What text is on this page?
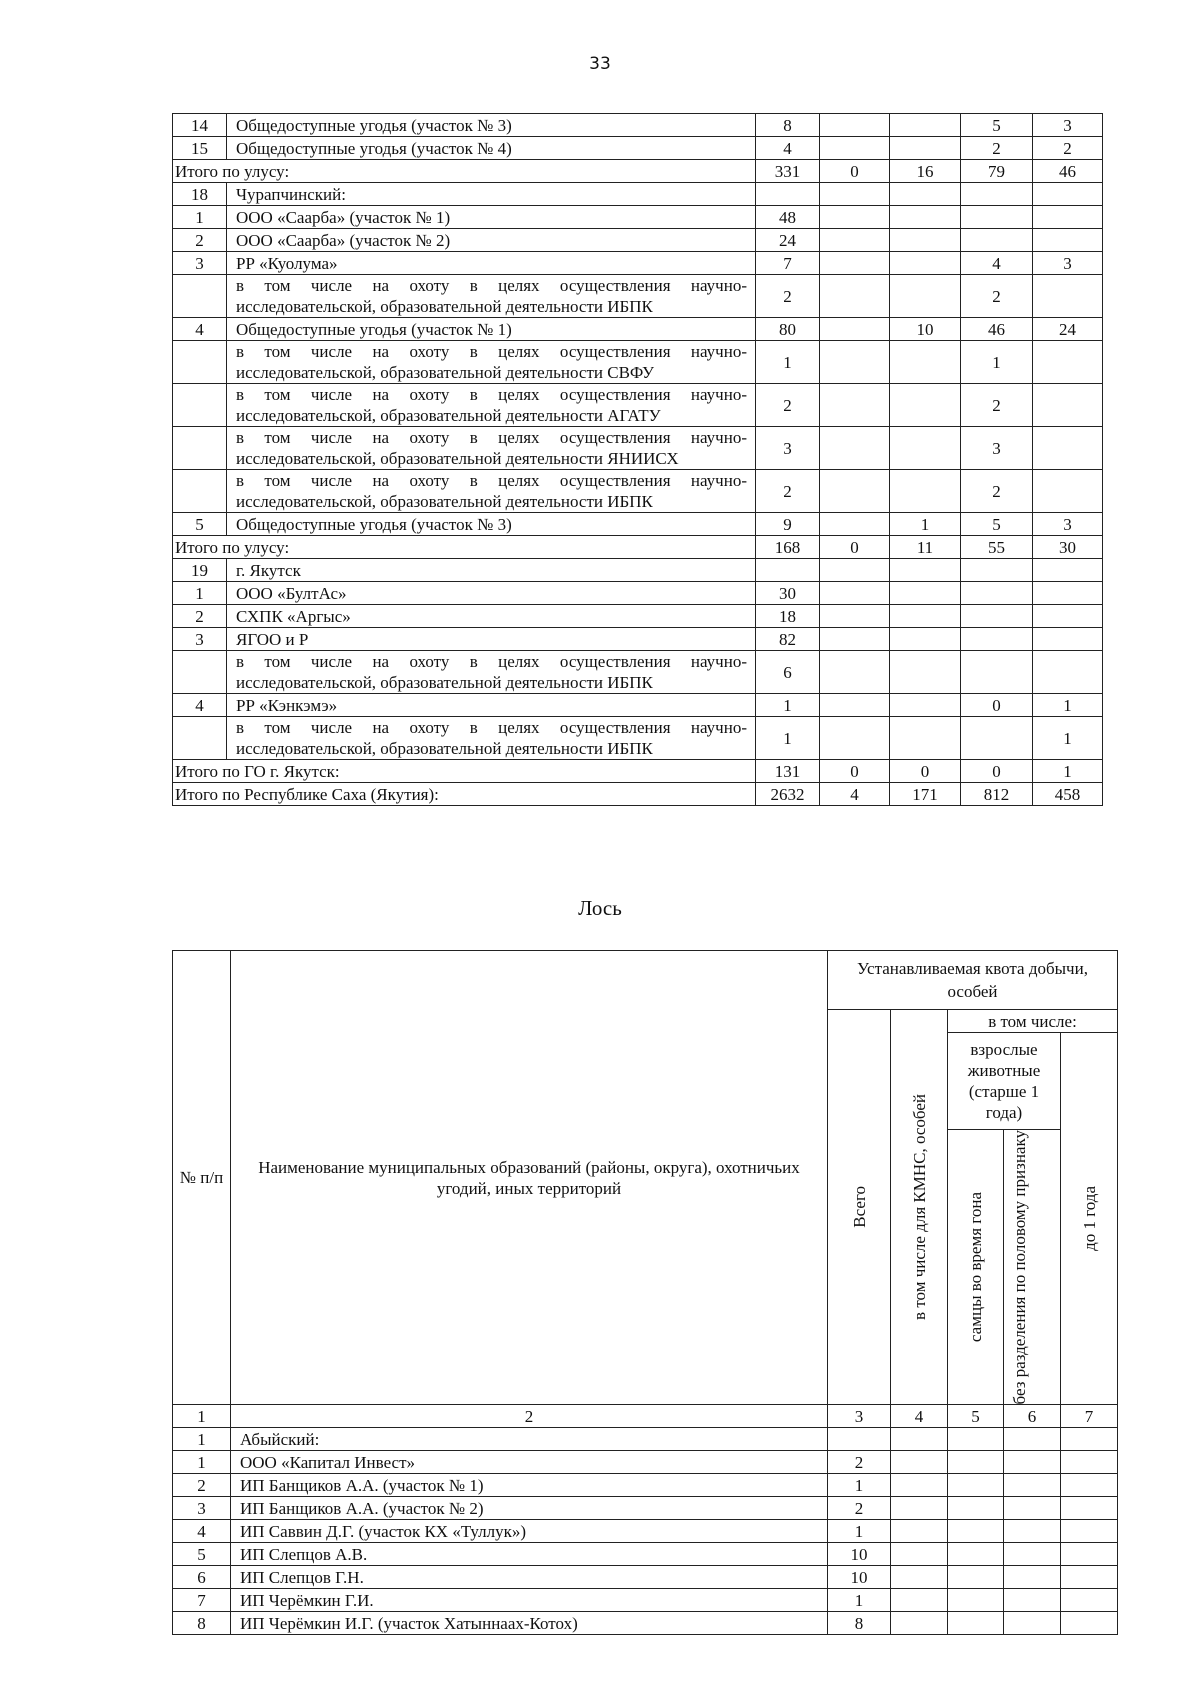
33
14	Общедоступные угодья (участок № 3)	8			5	3
15	Общедоступные угодья (участок № 4)	4			2	2
Итого по улусу:		331	0	16	79	46
18	Чурапчинский:					
1	ООО «Саарба» (участок № 1)	48				
2	ООО «Саарба» (участок № 2)	24				
3	РР «Куолума»	7			4	3
	в том числе на охоту в целях осуществления научно-исследовательской, образовательной деятельности ИБПК	2			2	
4	Общедоступные угодья (участок № 1)	80		10	46	24
	в том числе на охоту в целях осуществления научно-исследовательской, образовательной деятельности СВФУ	1			1	
	в том числе на охоту в целях осуществления научно-исследовательской, образовательной деятельности АГАТУ	2			2	
	в том числе на охоту в целях осуществления научно-исследовательской, образовательной деятельности ЯНИИСХ	3			3	
	в том числе на охоту в целях осуществления научно-исследовательской, образовательной деятельности ИБПК	2			2	
5	Общедоступные угодья (участок № 3)	9		1	5	3
Итого по улусу:		168	0	11	55	30
19	г. Якутск					
1	ООО «БултАс»	30				
2	СХПК «Аргыс»	18				
3	ЯГОО и Р	82				
	в том числе на охоту в целях осуществления научно-исследовательской, образовательной деятельности ИБПК	6				
4	РР «Кэнкэмэ»	1			0	1
	в том числе на охоту в целях осуществления научно-исследовательской, образовательной деятельности ИБПК	1				1
Итого по ГО г. Якутск:		131	0	0	0	1
Итого по Республике Саха (Якутия):		2632	4	171	812	458
Лось
№ п/п	Наименование муниципальных образований (районы, округа), охотничьих угодий, иных территорий	Устанавливаемая квота добычи, особей				

		Всего	в том числе для КМНС, особей	в том числе:		
				взрослые животные (старше 1 года)		до 1 года

				самцы во время гона	без разделения по половому признаку	

1	2	3	4	5	6	7
1	Абыйский:					
1	ООО «Капитал Инвест»	2				
2	ИП Банщиков А.А. (участок № 1)	1				
3	ИП Банщиков А.А. (участок № 2)	2				
4	ИП Саввин Д.Г. (участок КХ «Туллук»)	1				
5	ИП Слепцов А.В.	10				
6	ИП Слепцов Г.Н.	10				
7	ИП Черёмкин Г.И.	1				
8	ИП Черёмкин И.Г. (участок Хатыннаах-Котох)	8				
